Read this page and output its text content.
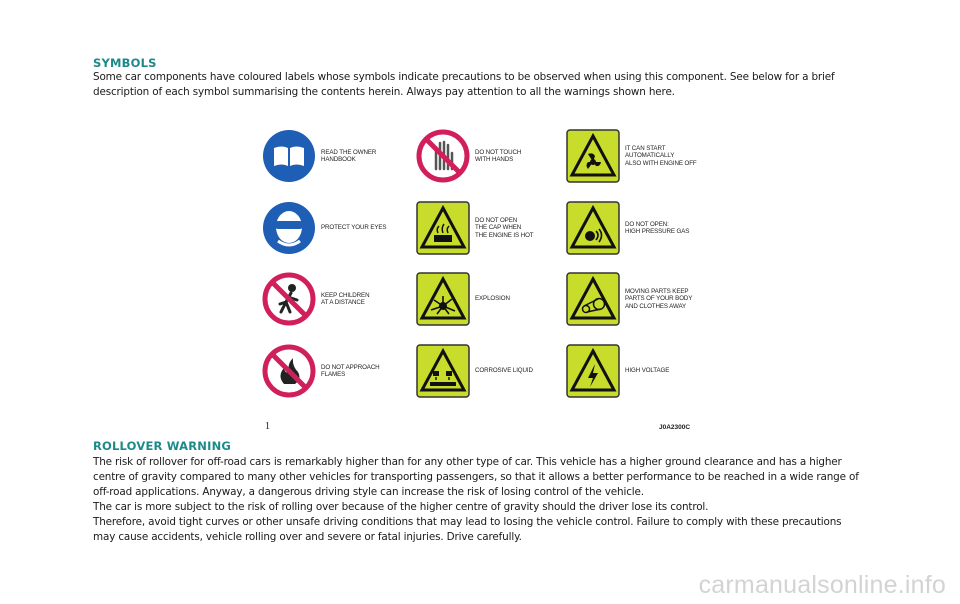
SYMBOLS
Some car components have coloured labels whose symbols indicate precautions to be observed when using this component. See below for a brief description of each symbol summarising the contents herein. Always pay attention to all the warnings shown here.
READ THE OWNER
HANDBOOK
DO NOT TOUCH
WITH HANDS
IT CAN START
AUTOMATICALLY
ALSO WITH ENGINE OFF
PROTECT YOUR EYES
DO NOT OPEN
THE CAP WHEN
THE ENGINE IS HOT
DO NOT OPEN:
HIGH PRESSURE GAS
KEEP CHILDREN
AT A DISTANCE
EXPLOSION
MOVING PARTS KEEP
PARTS OF YOUR BODY
AND CLOTHES AWAY
DO NOT APPROACH
FLAMES
CORROSIVE LIQUID	HIGH VOLTAGE
1	J0A2300C
ROLLOVER WARNING
The risk of rollover for off-road cars is remarkably higher than for any other type of car. This vehicle has a higher ground clearance and has a higher centre of gravity compared to many other vehicles for transporting passengers, so that it allows a better performance to be reached in a wide range of off-road applications. Anyway, a dangerous driving style can increase the risk of losing control of the vehicle.
The car is more subject to the risk of rolling over because of the higher centre of gravity should the driver lose its control.
Therefore, avoid tight curves or other unsafe driving conditions that may lead to losing the vehicle control. Failure to comply with these precautions may cause accidents, vehicle rolling over and severe or fatal injuries. Drive carefully.
carmanualsonline.info
